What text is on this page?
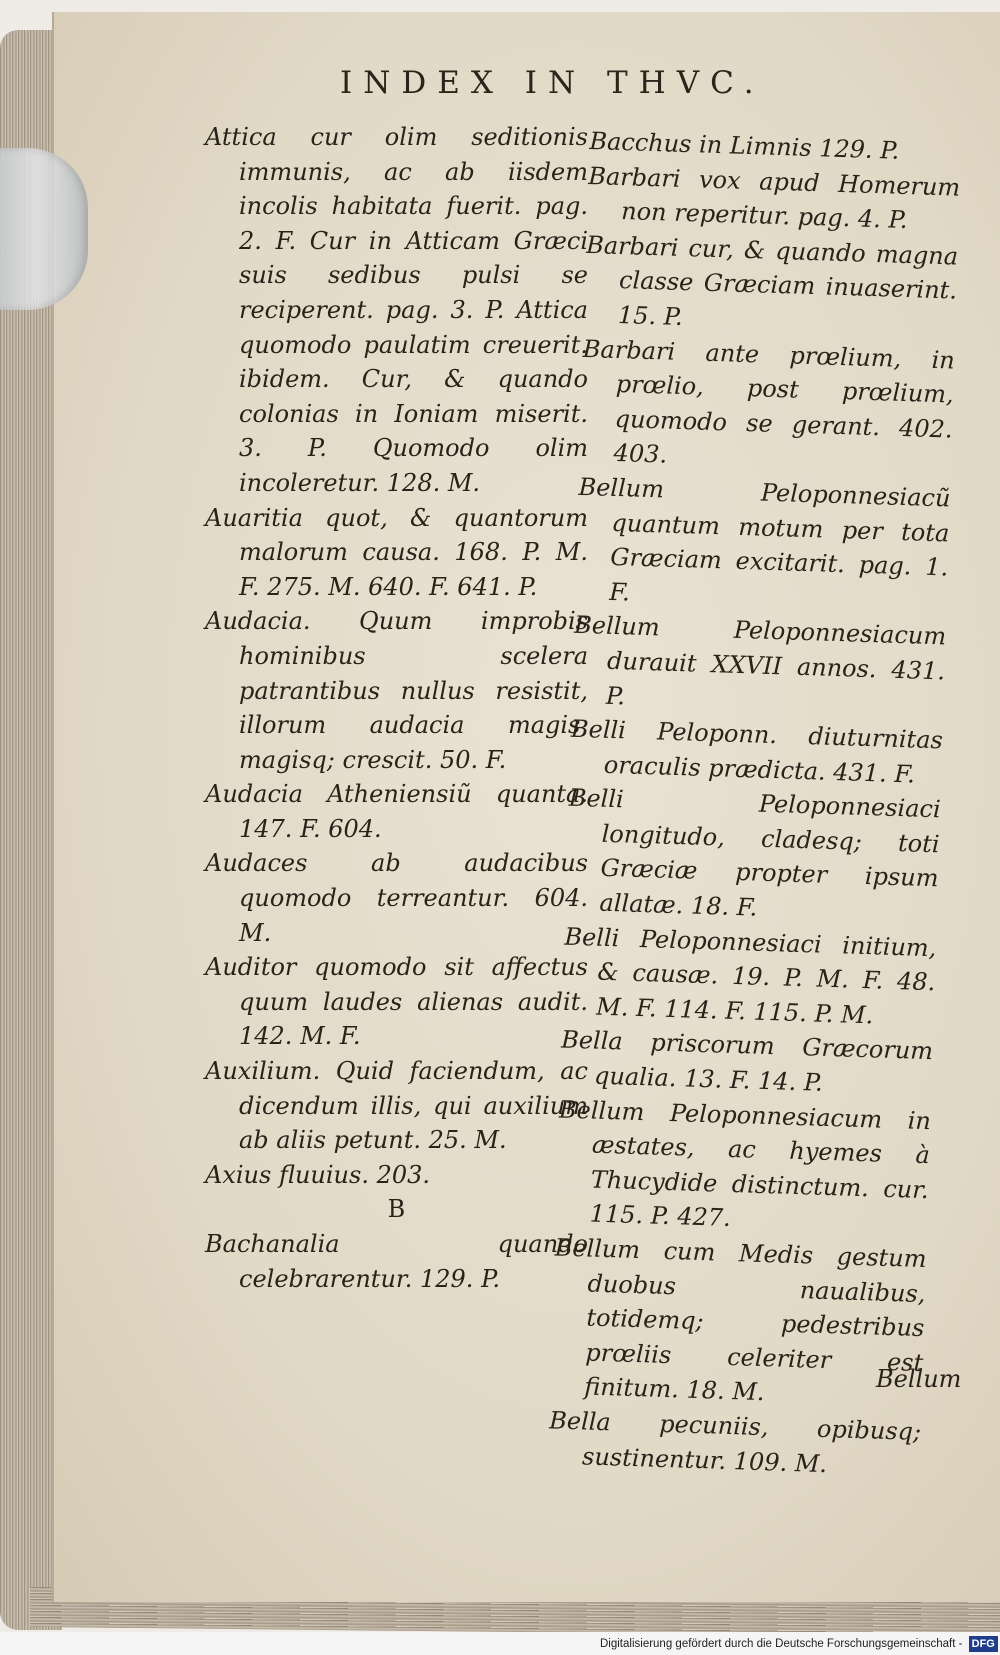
INDEX IN THVC.

Attica cur olim seditionis immunis, ac ab iisdem incolis habitata fuerit. pag. 2. F. Cur in Atticam Græci suis sedibus pulsi se reciperent. pag. 3. P. Attica quomodo paulatim creuerit. ibidem. Cur, & quando colonias in Ioniam miserit. 3. P. Quomodo olim incoleretur. 128. M.

Auaritia quot, & quantorum malorum causa. 168. P. M. F. 275. M. 640. F. 641. P.

Audacia. Quum improbis hominibus scelera patrantibus nullus resistit, illorum audacia magis, magisq; crescit. 50. F.

Audacia Atheniensiũ quanta. 147. F. 604.

Audaces ab audacibus quomodo terreantur. 604. M.

Auditor quomodo sit affectus quum laudes alienas audit. 142. M. F.

Auxilium. Quid faciendum, ac dicendum illis, qui auxilium ab aliis petunt. 25. M.

Axius fluuius. 203.

B

Bachanalia quando celebrarentur. 129. P.

Bacchus in Limnis 129. P.

Barbari vox apud Homerum non reperitur. pag. 4. P.

Barbari cur, & quando magna classe Græciam inuaserint. 15. P.

Barbari ante prœlium, in prœlio, post prœlium, quomodo se gerant. 402. 403.

Bellum Peloponnesiacũ quantum motum per tota Græciam excitarit. pag. 1. F.

Bellum Peloponnesiacum durauit XXVII annos. 431. P.

Belli Peloponn. diuturnitas oraculis prædicta. 431. F.

Belli Peloponnesiaci longitudo, cladesq; toti Græciæ propter ipsum allatæ. 18. F.

Belli Peloponnesiaci initium, & causæ. 19. P. M. F. 48. M. F. 114. F. 115. P. M.

Bella priscorum Græcorum qualia. 13. F. 14. P.

Bellum Peloponnesiacum in æstates, ac hyemes à Thucydide distinctum. cur. 115. P. 427.

Bellum cum Medis gestum duobus naualibus, totidemq; pedestribus prœliis celeriter est finitum. 18. M.

Bella pecuniis, opibusq; sustinentur. 109. M.

Bellum
Digitalisierung gefördert durch die Deutsche Forschungsgemeinschaft - DFG
